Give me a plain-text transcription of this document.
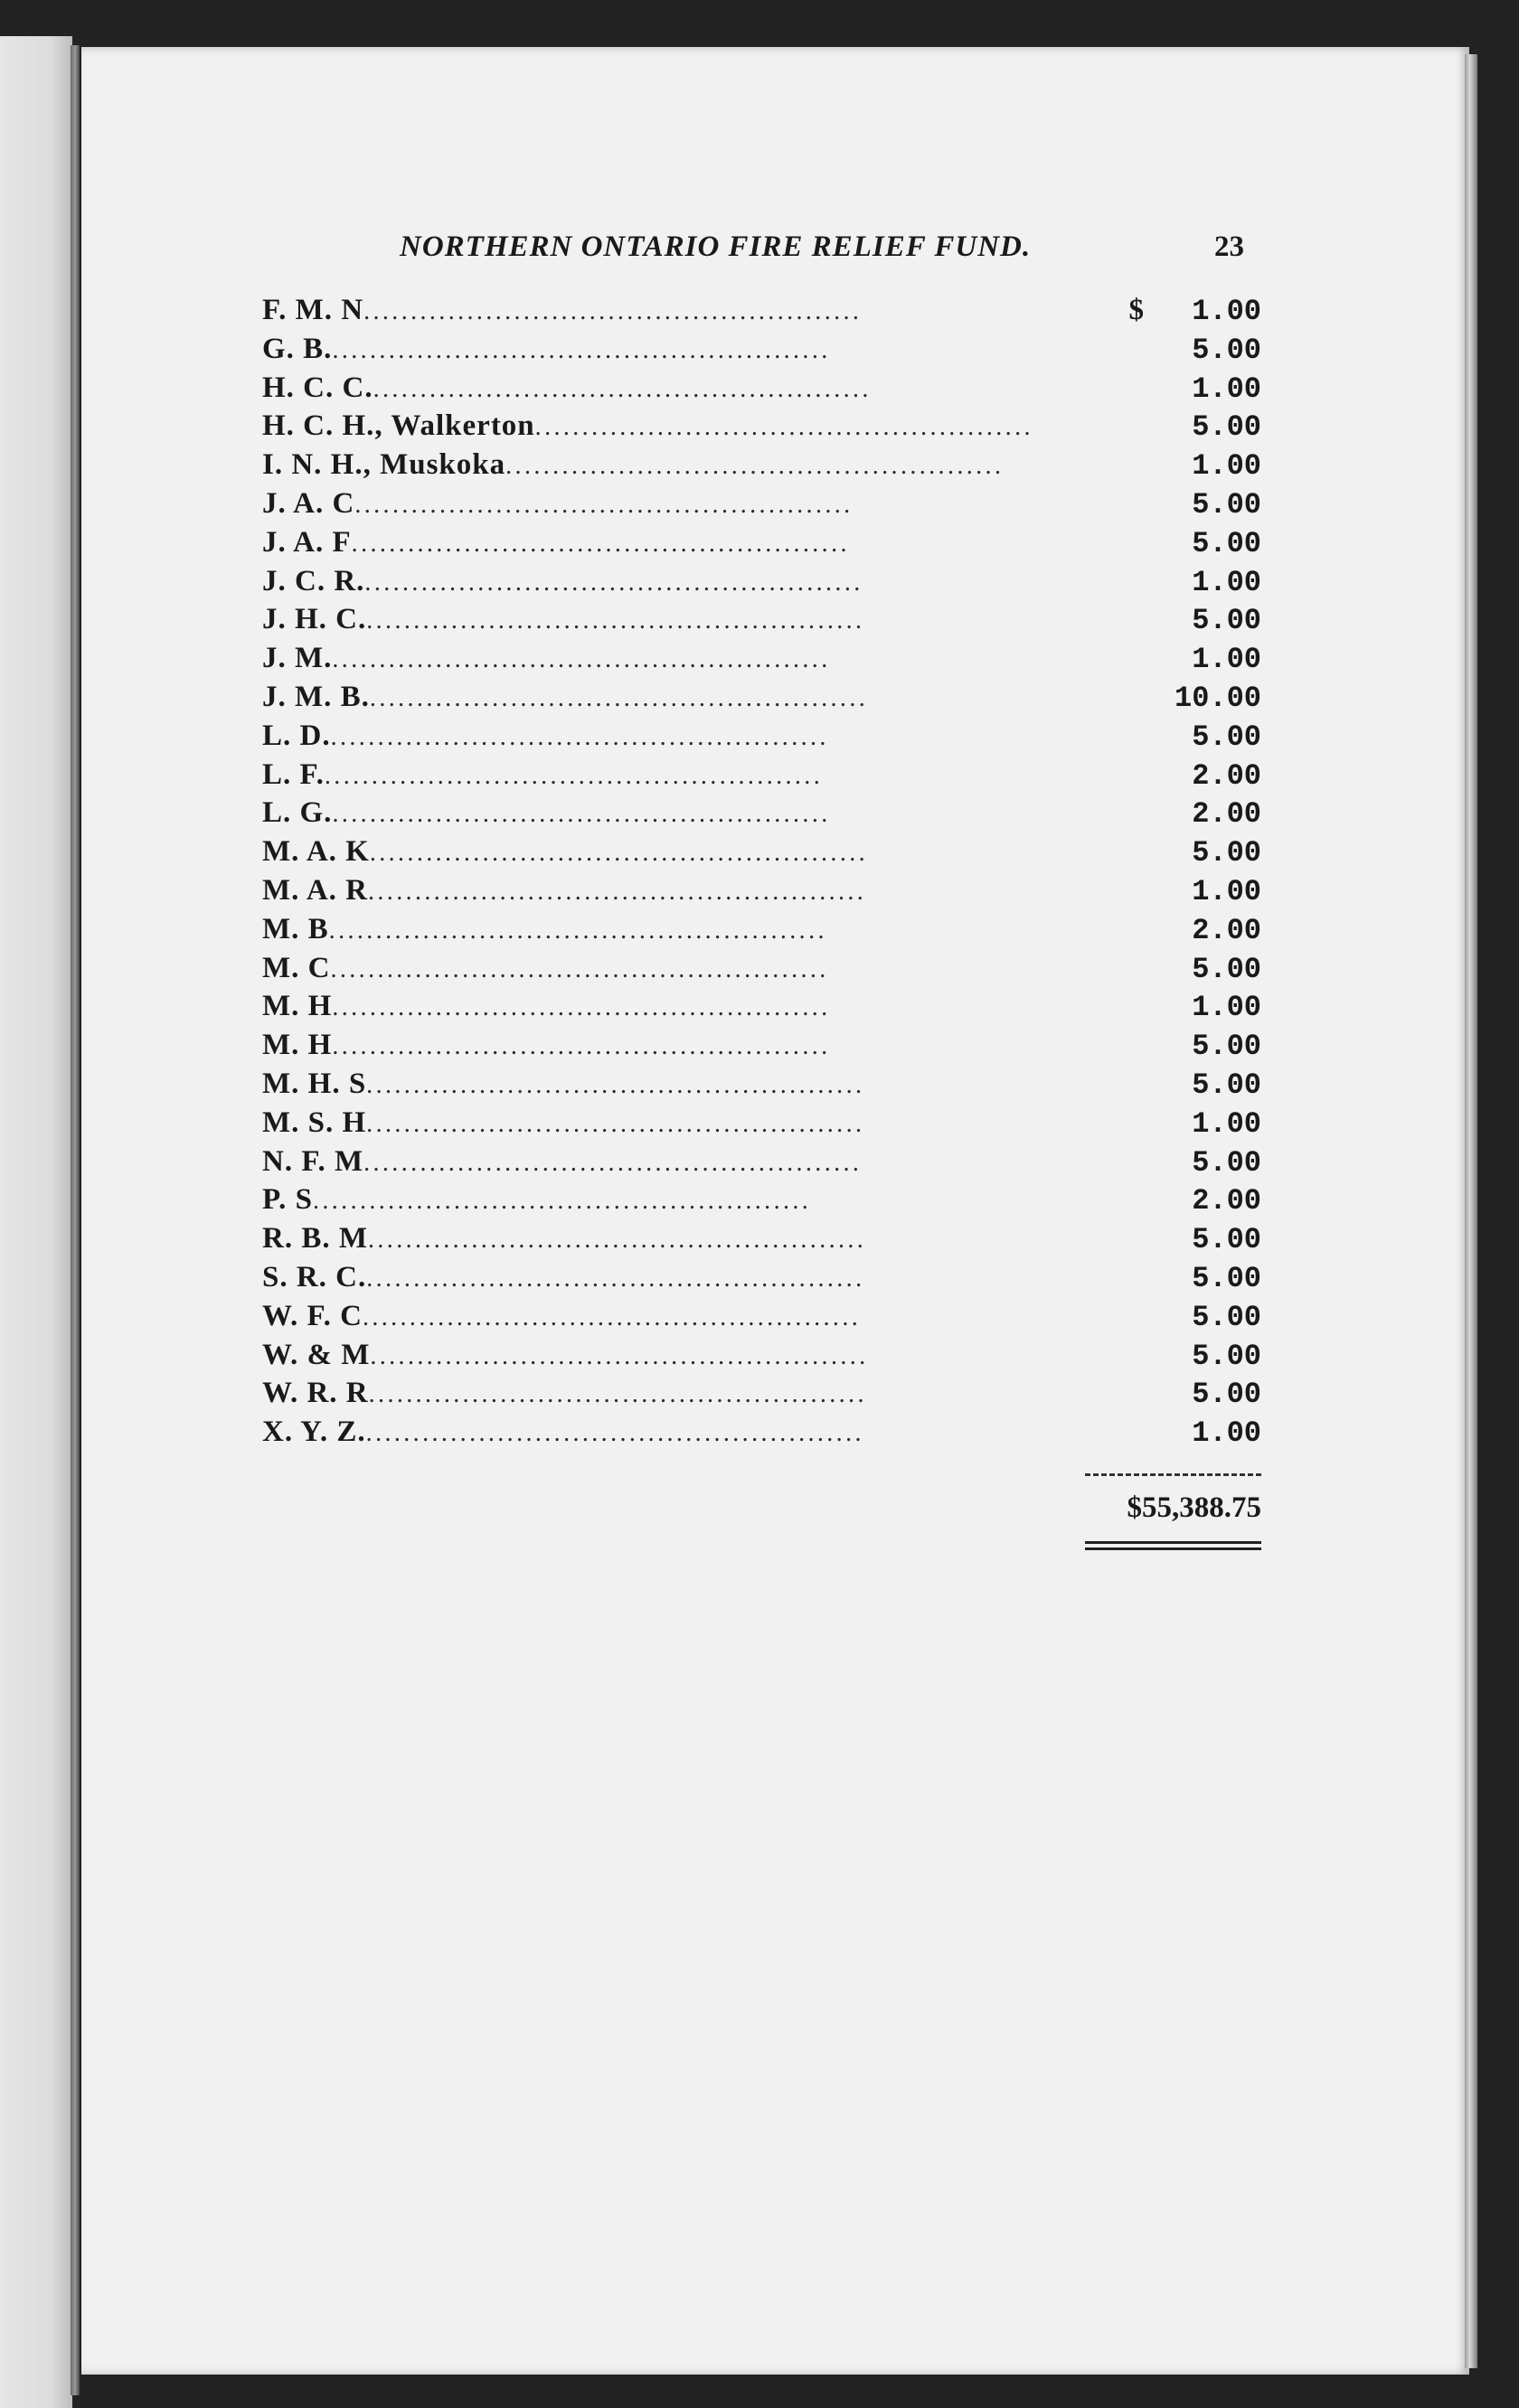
NORTHERN ONTARIO FIRE RELIEF FUND.	23
F. M. N .....................................................	$	1.00
G. B. .....................................................	5.00
H. C. C. .....................................................	1.00
H. C. H., Walkerton .....................................................	5.00
I. N. H., Muskoka .....................................................	1.00
J. A. C .....................................................	5.00
J. A. F .....................................................	5.00
J. C. R. .....................................................	1.00
J. H. C. .....................................................	5.00
J. M. .....................................................	1.00
J. M. B. .....................................................	10.00
L. D. .....................................................	5.00
L. F. .....................................................	2.00
L. G. .....................................................	2.00
M. A. K .....................................................	5.00
M. A. R .....................................................	1.00
M. B .....................................................	2.00
M. C .....................................................	5.00
M. H .....................................................	1.00
M. H .....................................................	5.00
M. H. S .....................................................	5.00
M. S. H .....................................................	1.00
N. F. M .....................................................	5.00
P. S .....................................................	2.00
R. B. M .....................................................	5.00
S. R. C. .....................................................	5.00
W. F. C .....................................................	5.00
W. & M .....................................................	5.00
W. R. R .....................................................	5.00
X. Y. Z. .....................................................	1.00
$55,388.75
